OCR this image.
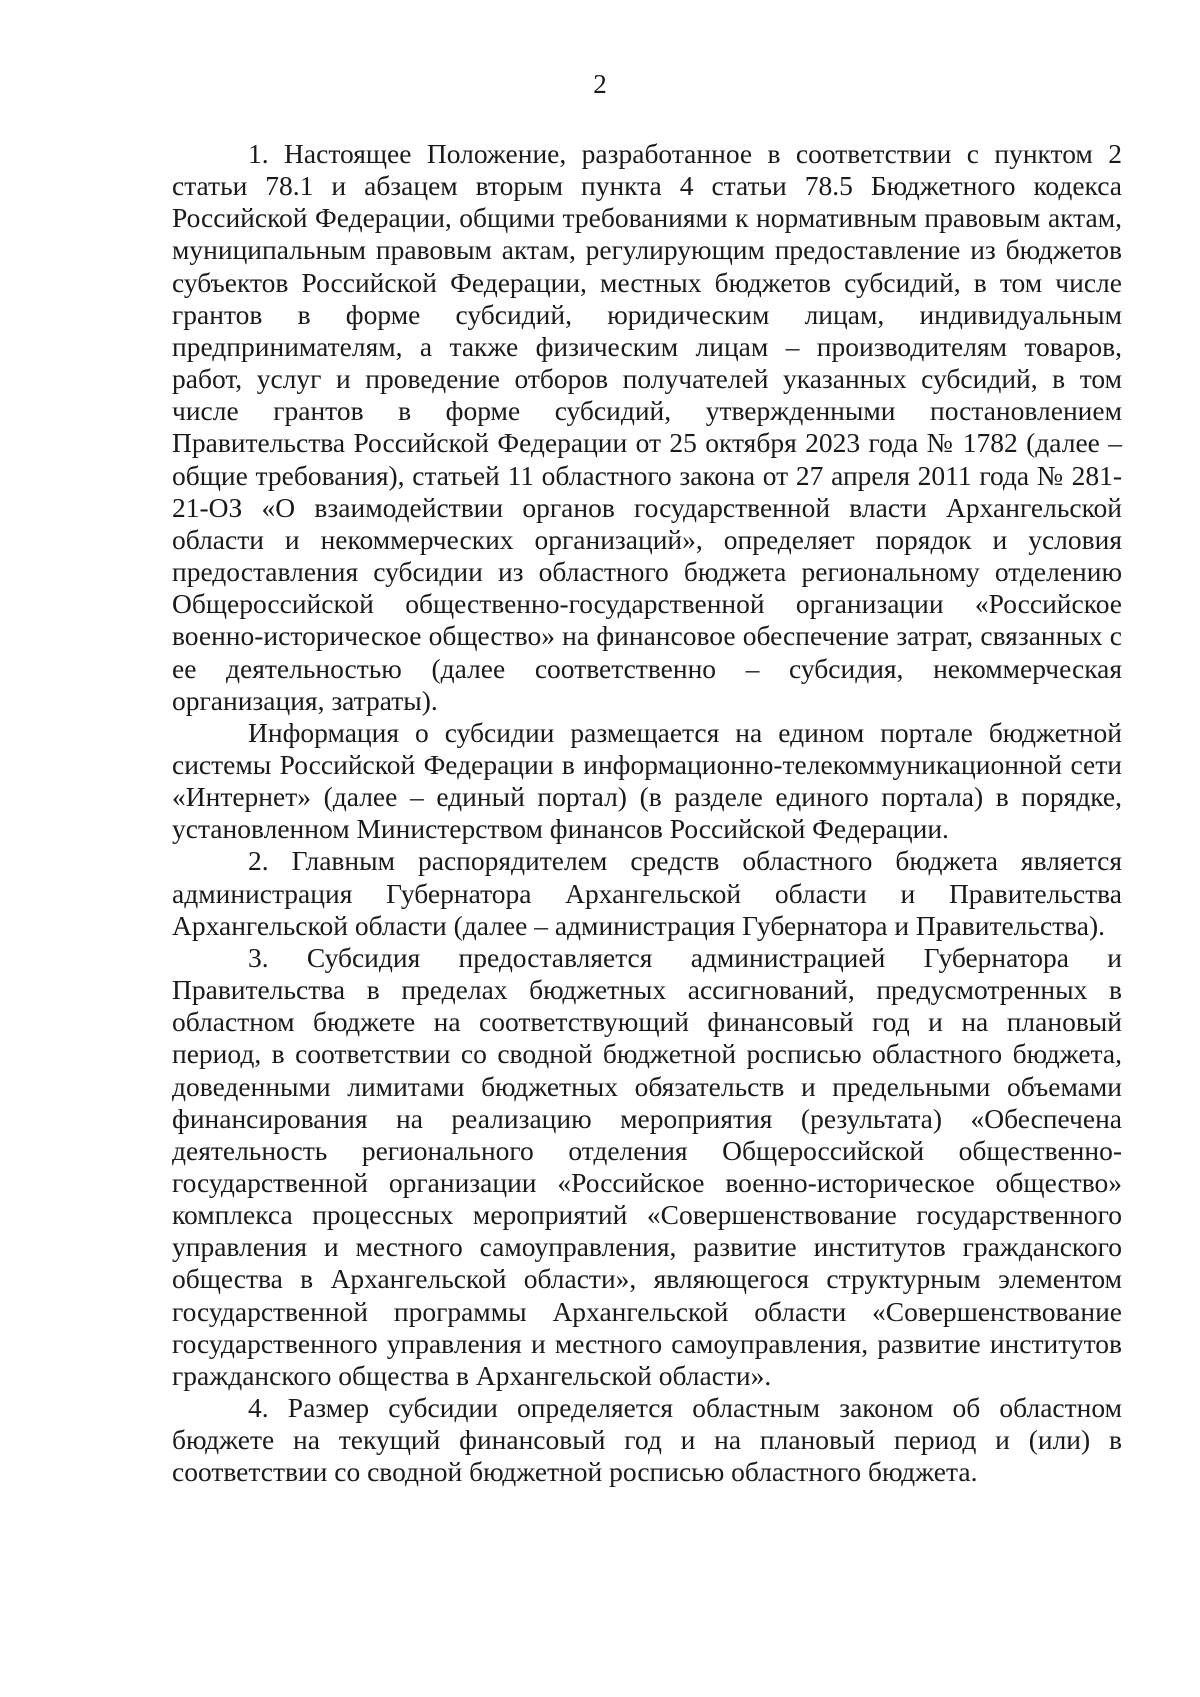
2

1. Настоящее Положение, разработанное в соответствии с пунктом 2 статьи 78.1 и абзацем вторым пункта 4 статьи 78.5 Бюджетного кодекса Российской Федерации, общими требованиями к нормативным правовым актам, муниципальным правовым актам, регулирующим предоставление из бюджетов субъектов Российской Федерации, местных бюджетов субсидий, в том числе грантов в форме субсидий, юридическим лицам, индивидуальным предпринимателям, а также физическим лицам – производителям товаров, работ, услуг и проведение отборов получателей указанных субсидий, в том числе грантов в форме субсидий, утвержденными постановлением Правительства Российской Федерации от 25 октября 2023 года № 1782 (далее – общие требования), статьей 11 областного закона от 27 апреля 2011 года № 281-21-ОЗ «О взаимодействии органов государственной власти Архангельской области и некоммерческих организаций», определяет порядок и условия предоставления субсидии из областного бюджета региональному отделению Общероссийской общественно-государственной организации «Российское военно-историческое общество» на финансовое обеспечение затрат, связанных с ее деятельностью (далее соответственно – субсидия, некоммерческая организация, затраты).

Информация о субсидии размещается на едином портале бюджетной системы Российской Федерации в информационно-телекоммуникационной сети «Интернет» (далее – единый портал) (в разделе единого портала) в порядке, установленном Министерством финансов Российской Федерации.

2. Главным распорядителем средств областного бюджета является администрация Губернатора Архангельской области и Правительства Архангельской области (далее – администрация Губернатора и Правительства).

3. Субсидия предоставляется администрацией Губернатора и Правительства в пределах бюджетных ассигнований, предусмотренных в областном бюджете на соответствующий финансовый год и на плановый период, в соответствии со сводной бюджетной росписью областного бюджета, доведенными лимитами бюджетных обязательств и предельными объемами финансирования на реализацию мероприятия (результата) «Обеспечена деятельность регионального отделения Общероссийской общественно-государственной организации «Российское военно-историческое общество» комплекса процессных мероприятий «Совершенствование государственного управления и местного самоуправления, развитие институтов гражданского общества в Архангельской области», являющегося структурным элементом государственной программы Архангельской области «Совершенствование государственного управления и местного самоуправления, развитие институтов гражданского общества в Архангельской области».

4. Размер субсидии определяется областным законом об областном бюджете на текущий финансовый год и на плановый период и (или) в соответствии со сводной бюджетной росписью областного бюджета.
